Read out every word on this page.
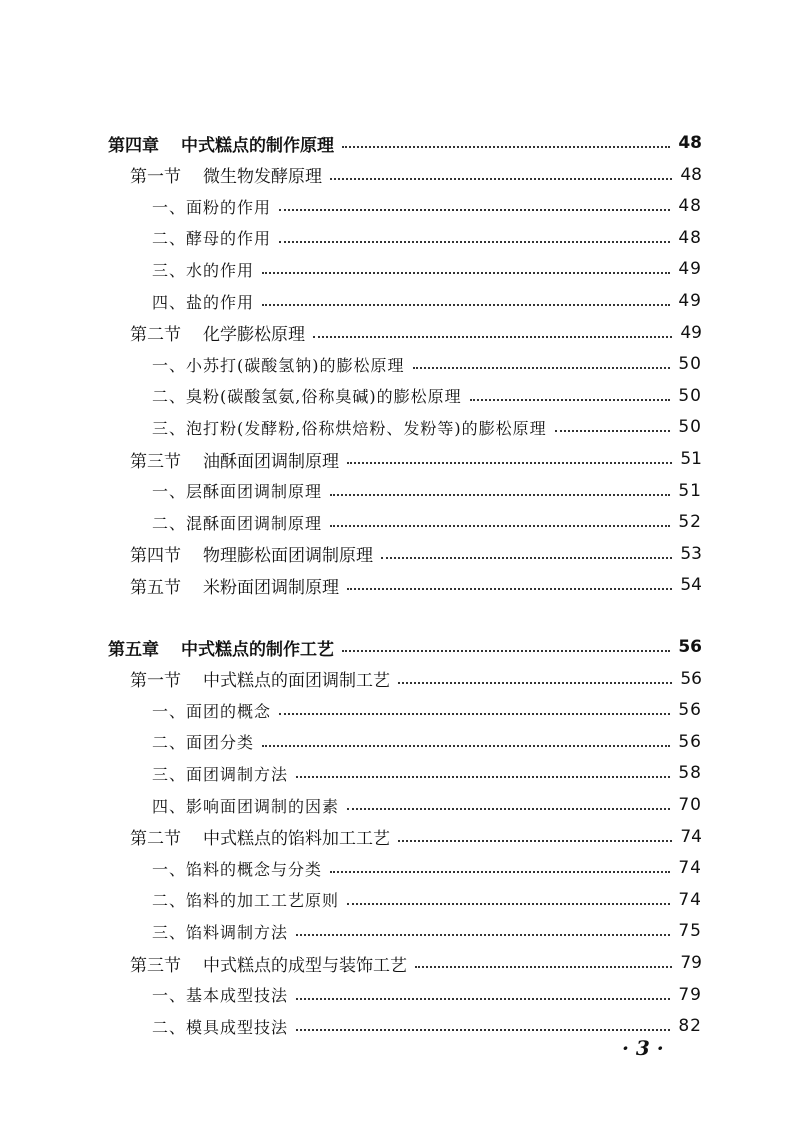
第四章 中式糕点的制作原理	48
第一节 微生物发酵原理	48
一、面粉的作用	48
二、酵母的作用	48
三、水的作用	49
四、盐的作用	49
第二节 化学膨松原理	49
一、小苏打(碳酸氢钠)的膨松原理	50
二、臭粉(碳酸氢氨,俗称臭碱)的膨松原理	50
三、泡打粉(发酵粉,俗称烘焙粉、发粉等)的膨松原理	50
第三节 油酥面团调制原理	51
一、层酥面团调制原理	51
二、混酥面团调制原理	52
第四节 物理膨松面团调制原理	53
第五节 米粉面团调制原理	54
第五章 中式糕点的制作工艺	56
第一节 中式糕点的面团调制工艺	56
一、面团的概念	56
二、面团分类	56
三、面团调制方法	58
四、影响面团调制的因素	70
第二节 中式糕点的馅料加工工艺	74
一、馅料的概念与分类	74
二、馅料的加工工艺原则	74
三、馅料调制方法	75
第三节 中式糕点的成型与装饰工艺	79
一、基本成型技法	79
二、模具成型技法	82
· 3 ·
